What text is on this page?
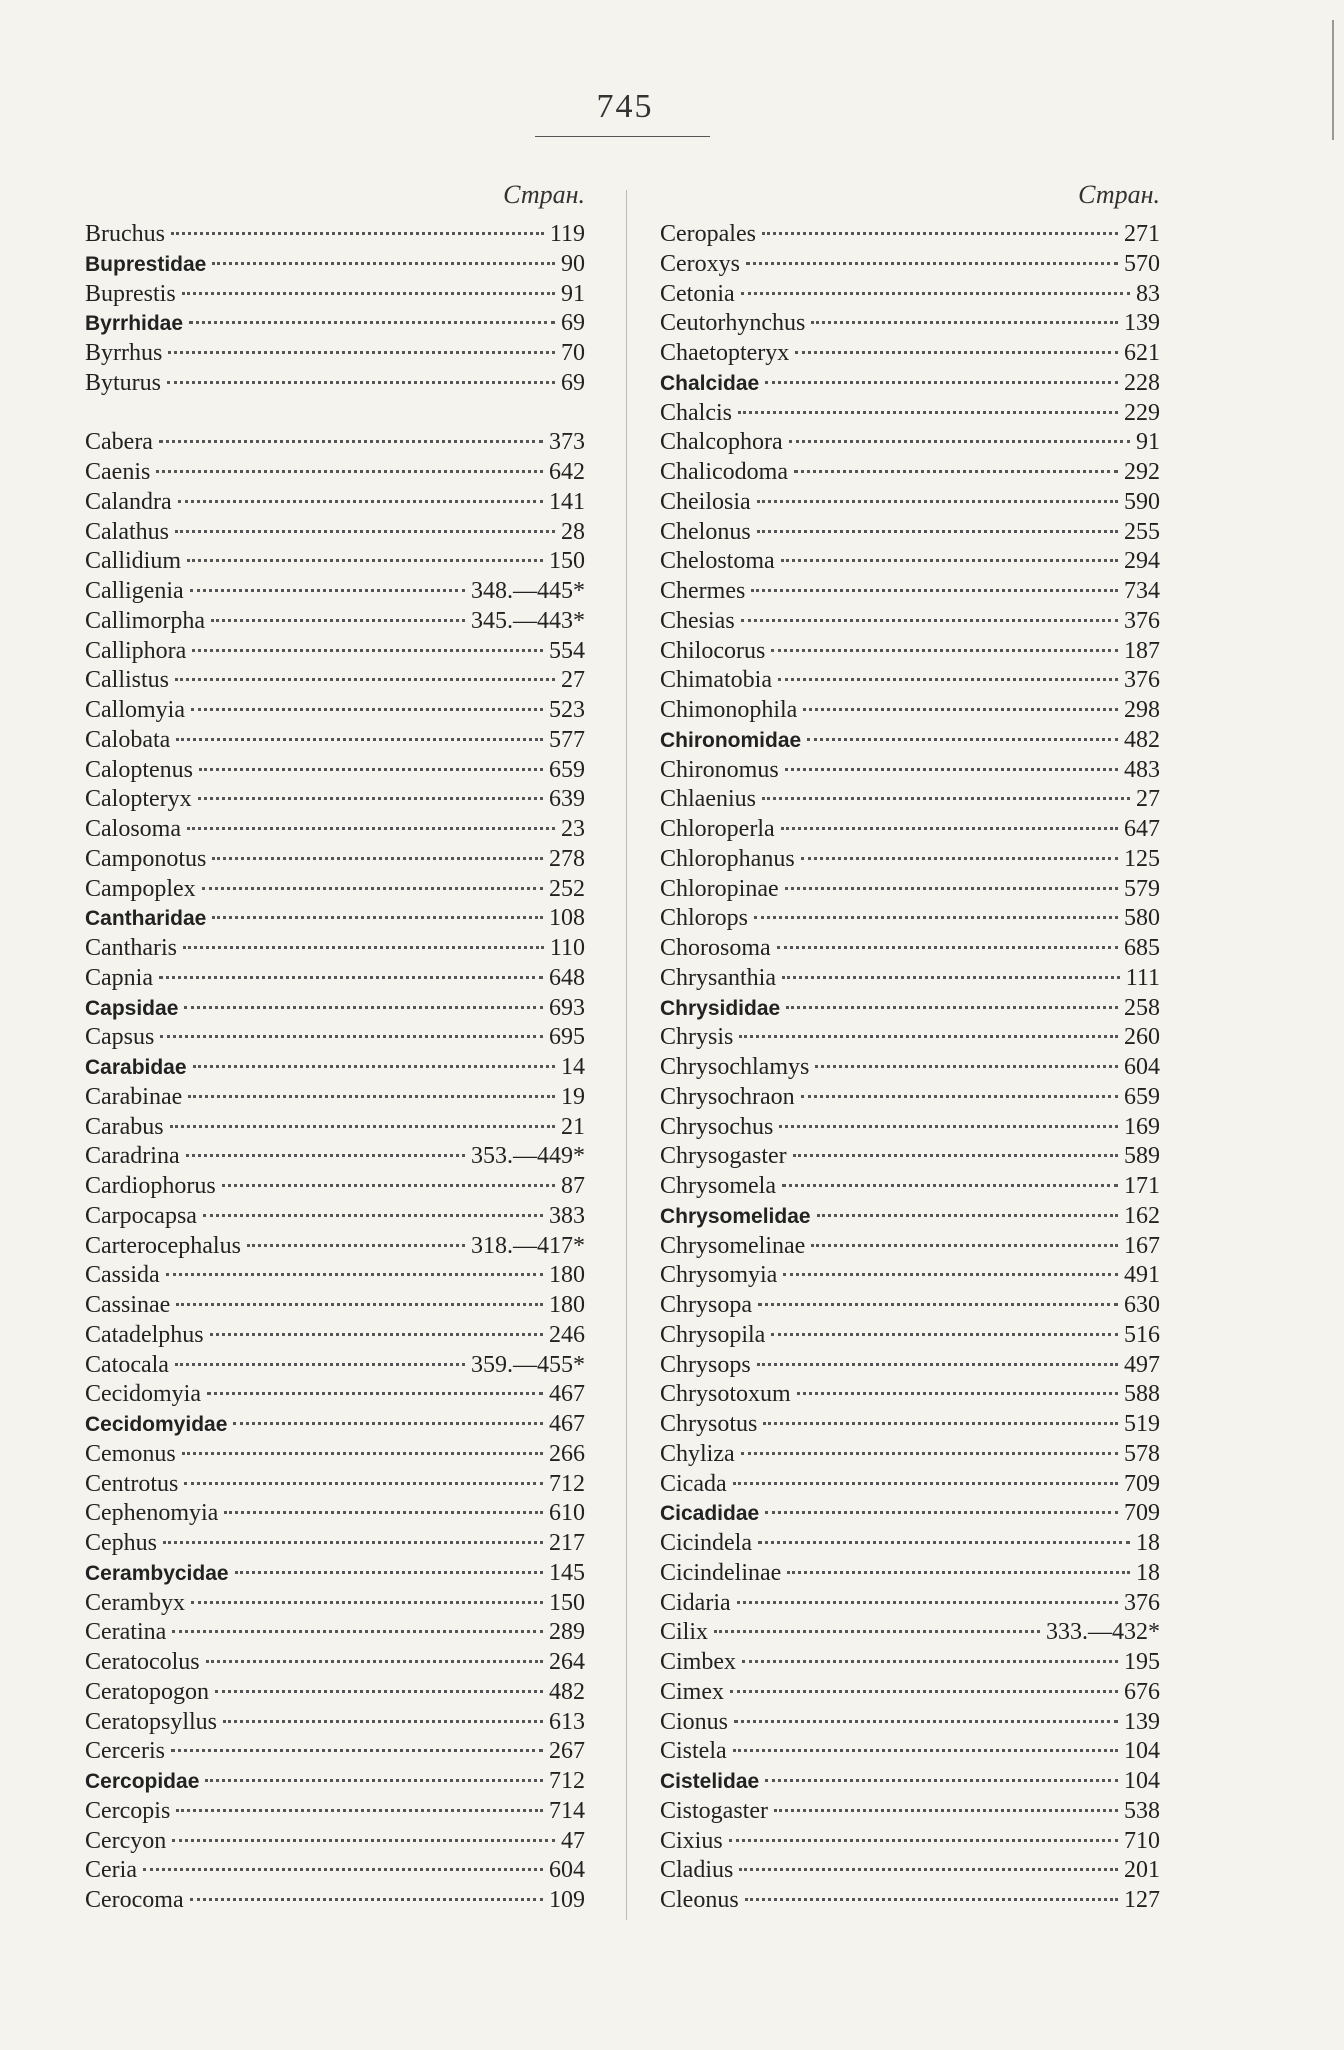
745
Стран.
Bruchus	119
Buprestidae	90
Buprestis	91
Byrrhidae	69
Byrrhus	70
Byturus	69
Cabera	373
Caenis	642
Calandra	141
Calathus	28
Callidium	150
Calligenia	348.—445*
Callimorpha	345.—443*
Calliphora	554
Callistus	27
Callomyia	523
Calobata	577
Caloptenus	659
Calopteryx	639
Calosoma	23
Camponotus	278
Campoplex	252
Cantharidae	108
Cantharis	110
Capnia	648
Capsidae	693
Capsus	695
Carabidae	14
Carabinae	19
Carabus	21
Caradrina	353.—449*
Cardiophorus	87
Carpocapsa	383
Carterocephalus	318.—417*
Cassida	180
Cassinae	180
Catadelphus	246
Catocala	359.—455*
Cecidomyia	467
Cecidomyidae	467
Cemonus	266
Centrotus	712
Cephenomyia	610
Cephus	217
Cerambycidae	145
Cerambyx	150
Ceratina	289
Ceratocolus	264
Ceratopogon	482
Ceratopsyllus	613
Cerceris	267
Cercopidae	712
Cercopis	714
Cercyon	47
Ceria	604
Cerocoma	109
Стран.
Ceropales	271
Ceroxys	570
Cetonia	83
Ceutorhynchus	139
Chaetopteryx	621
Chalcidae	228
Chalcis	229
Chalcophora	91
Chalicodoma	292
Cheilosia	590
Chelonus	255
Chelostoma	294
Chermes	734
Chesias	376
Chilocorus	187
Chimatobia	376
Chimonophila	298
Chironomidae	482
Chironomus	483
Chlaenius	27
Chloroperla	647
Chlorophanus	125
Chloropinae	579
Chlorops	580
Chorosoma	685
Chrysanthia	111
Chrysididae	258
Chrysis	260
Chrysochlamys	604
Chrysochraon	659
Chrysochus	169
Chrysogaster	589
Chrysomela	171
Chrysomelidae	162
Chrysomelinae	167
Chrysomyia	491
Chrysopa	630
Chrysopila	516
Chrysops	497
Chrysotoxum	588
Chrysotus	519
Chyliza	578
Cicada	709
Cicadidae	709
Cicindela	18
Cicindelinae	18
Cidaria	376
Cilix	333.—432*
Cimbex	195
Cimex	676
Cionus	139
Cistela	104
Cistelidae	104
Cistogaster	538
Cixius	710
Cladius	201
Cleonus	127
